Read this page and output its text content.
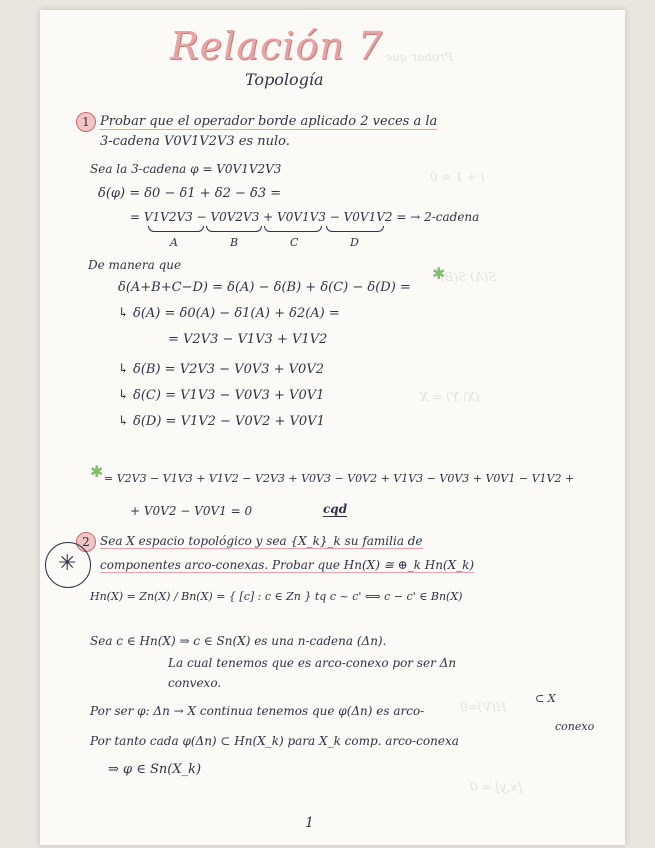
Probar que
i + 1 = 0
S(A) S(B)
(X\ Y) = X
H(V)=0
[x,y] = 0
Relación 7
Topología
1 Probar que el operador borde aplicado 2 veces a la
3-cadena V0V1V2V3 es nulo.
Sea la 3-cadena φ = V0V1V2V3
δ(φ) = δ0 − δ1 + δ2 − δ3 =
= V1V2V3 − V0V2V3 + V0V1V3 − V0V1V2 = → 2-cadena
A	B	C	D
De manera que
δ(A+B+C−D) = δ(A) − δ(B) + δ(C) − δ(D) =
✱
↳ δ(A) = δ0(A) − δ1(A) + δ2(A) =
= V2V3 − V1V3 + V1V2
↳ δ(B) = V2V3 − V0V3 + V0V2
↳ δ(C) = V1V3 − V0V3 + V0V1
↳ δ(D) = V1V2 − V0V2 + V0V1
✱ = V2V3 − V1V3 + V1V2 − V2V3 + V0V3 − V0V2 + V1V3 − V0V3 + V0V1 − V1V2 +
+ V0V2 − V0V1 = 0	cqd
2 Sea X espacio topológico y sea {X_k}_k su familia de
componentes arco-conexas. Probar que Hn(X) ≅ ⊕_k Hn(X_k)
✳
Hn(X) = Zn(X) / Bn(X) = { [c] : c ∈ Zn } tq c ~ c' ⟺ c − c' ∈ Bn(X)
Sea c ∈ Hn(X) ⇒ c ∈ Sn(X) es una n-cadena (Δn).
La cual tenemos que es arco-conexo por ser Δn
convexo.
⊂ X
Por ser φ: Δn → X continua tenemos que φ(Δn) es arco-
conexo
Por tanto cada φ(Δn) ⊂ Hn(X_k) para X_k comp. arco-conexa
⇒ φ ∈ Sn(X_k)
1
